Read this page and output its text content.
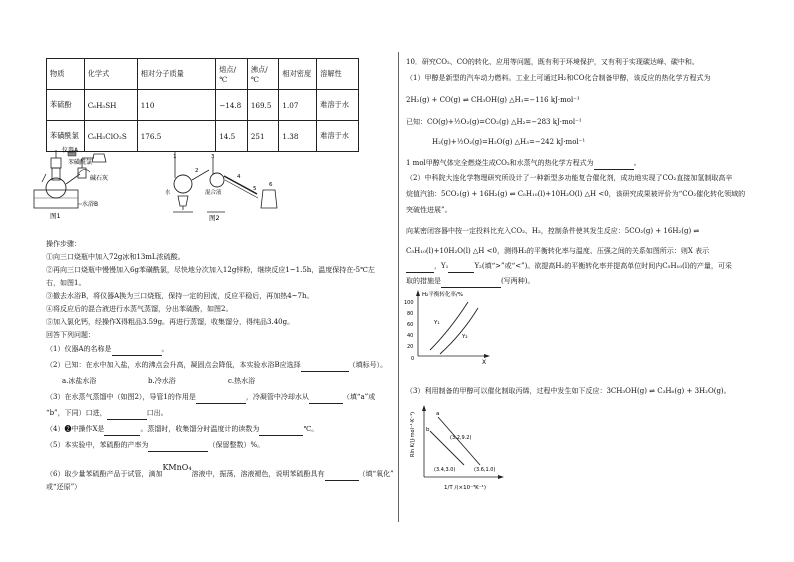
物质	化学式	相对分子质量	熔点/℃	沸点/℃	相对密度	溶解性
苯硫酚	C₆H₅SH	110	−14.8	169.5	1.07	难溶于水
苯磺酰氯	C₆H₅ClO₂S	176.5	14.5	251	1.38	难溶于水
仪器A
苯磺酰氯
碱石灰
水浴B
图1
1
2
3
4
5
6
水	混合液
图2
操作步骤：
①向三口烧瓶中加入72g冰和13mL浓硫酸。
②再向三口烧瓶中慢慢加入6g苯磺酰氯，尽快地分次加入12g锌粉，继续反应1~1.5h，温度保持在-5℃左
右，如图1。
③撤去水浴B，将仪器A换为三口烧瓶，保持一定的回流，反应平稳后，再加热4~7h。
④将反应后的混合液进行水蒸气蒸馏，分出苯硫酚，如图2。
⑤加入氯化钙，经操作X得粗品3.59g。再进行蒸馏，收集馏分，得纯品3.40g。
回答下列问题：
（1）仪器A的名称是	。
（2）已知：在水中加入盐，水的沸点会升高，凝固点会降低，本实验水浴B应选择	（填标号）。
a.冰盐水浴	b.冷水浴	c.热水浴
（3）在水蒸气蒸馏中（如图2），导管1的作用是	，冷凝管中冷却水从	（填“a”或
“b”，下同）口进，	口出。
（4）➋中操作X是	。蒸馏时，收集馏分时温度计的读数为	℃。
（5）本实验中，苯硫酚的产率为	（保留整数）%。
（6）取少量苯硫酚产品于试管，滴加KMnO₄溶液中，振荡，溶液褪色，说明苯硫酚具有	（填“氧化”
或“还原”）
10．研究CO₂、CO的转化、应用等问题，既有利于环境保护，又有利于实现碳达峰、碳中和。
（1）甲醇是新型的汽车动力燃料。工业上可通过H₂和CO化合制备甲醇，该反应的热化学方程式为
2H₂(g) + CO(g) ⇌ CH₃OH(g) △H₁=−116 kJ·mol⁻¹
已知：CO(g)+½O₂(g)=CO₂(g) △H₂=−283 kJ·mol⁻¹
H₂(g)+½O₂(g)=H₂O(g) △H₃=−242 kJ·mol⁻¹
1 mol甲醇气体完全燃烧生成CO₂和水蒸气的热化学方程式为	。
（2）中科院大连化学物理研究所设计了一种新型多功能复合催化剂，成功地实现了CO₂直接加氢制取高辛
烷值汽油：5CO₂(g) + 16H₂(g) ⇌ C₅H₁₀(l)+10H₂O(l) △H <0，该研究成果被评价为“CO₂催化转化领域的
突破性进展”。
向某密闭容器中按一定投料比充入CO₂、H₂，控制条件使其发生反应：5CO₂(g) + 16H₂(g) ⇌
C₅H₁₀(l)+10H₂O(l) △H <0，测得H₂的平衡转化率与温度、压强之间的关系如图所示：则X 表示
，Y₁	Y₂(填“>”或“<”)。欲提高H₂的平衡转化率并提高单位时间内C₅H₁₀(l)的产量，可采
取的措施是	(写两种)。
H₂平衡转化率/%
100
80
60
40
20
0	X
Y₁
Y₂
（3）利用制备的甲醇可以催化制取丙烯，过程中发生如下反应：3CH₃OH(g) ⇌ C₃H₆(g) + 3H₂O(g)。
Rln K/(J·mol⁻¹·K⁻¹)	a
b
(3.2,9.2)
(3.4,3.0)	(3.6,1.0)
1/T /(×10⁻³K⁻¹)
